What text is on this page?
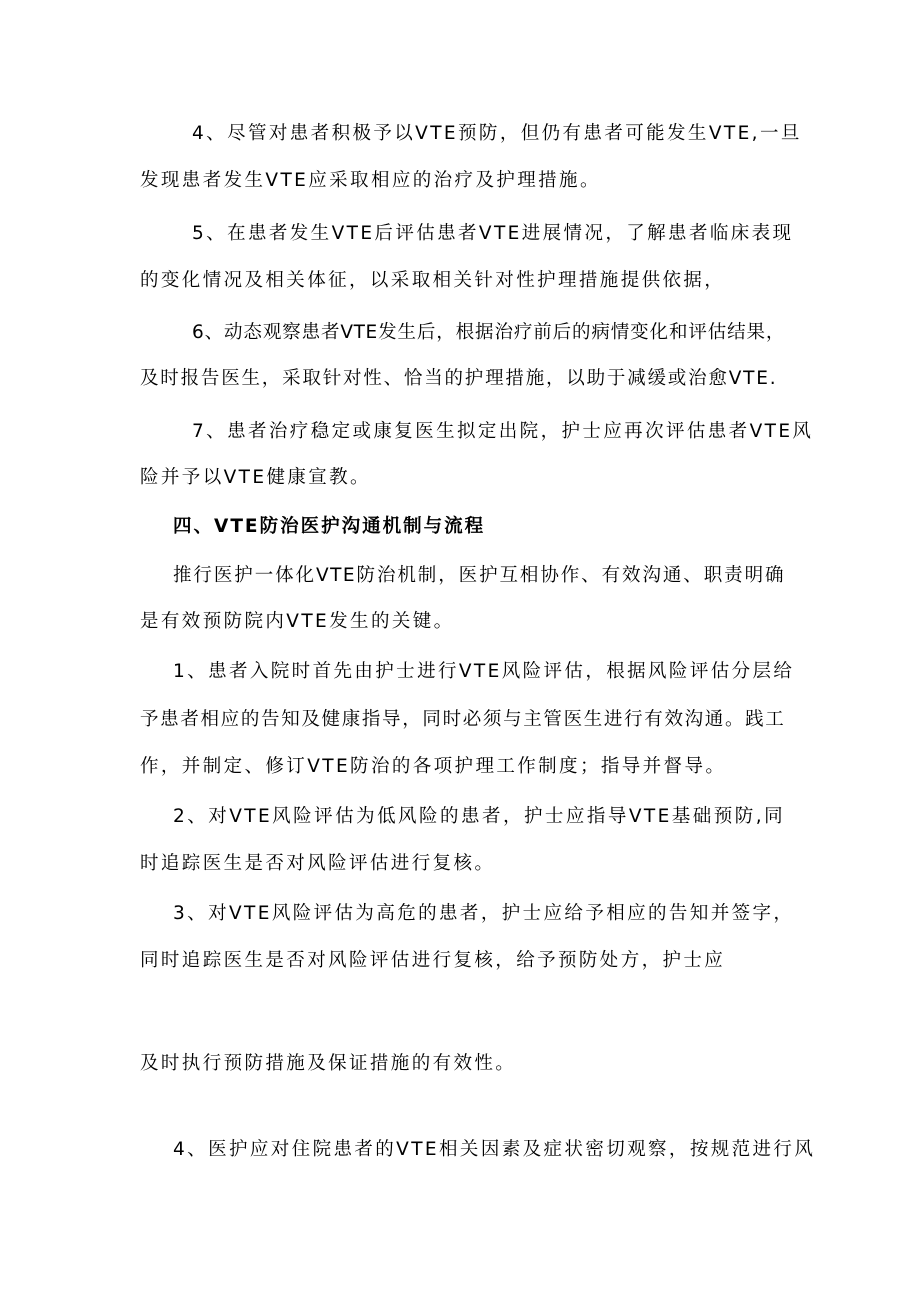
4、尽管对患者积极予以VTE预防，但仍有患者可能发生VTE,一旦
发现患者发生VTE应采取相应的治疗及护理措施。
5、在患者发生VTE后评估患者VTE进展情况，了解患者临床表现
的变化情况及相关体征，以采取相关针对性护理措施提供依据，
6、动态观察患者VTE发生后，根据治疗前后的病情变化和评估结果，
及时报告医生，采取针对性、恰当的护理措施，以助于减缓或治愈VTE.
7、患者治疗稳定或康复医生拟定出院，护士应再次评估患者VTE风
险并予以VTE健康宣教。
四、VTE防治医护沟通机制与流程
推行医护一体化VTE防治机制，医护互相协作、有效沟通、职责明确
是有效预防院内VTE发生的关键。
1、患者入院时首先由护士进行VTE风险评估，根据风险评估分层给
予患者相应的告知及健康指导，同时必须与主管医生进行有效沟通。践工
作，并制定、修订VTE防治的各项护理工作制度；指导并督导。
2、对VTE风险评估为低风险的患者，护士应指导VTE基础预防,同
时追踪医生是否对风险评估进行复核。
3、对VTE风险评估为高危的患者，护士应给予相应的告知并签字，
同时追踪医生是否对风险评估进行复核，给予预防处方，护士应
及时执行预防措施及保证措施的有效性。
4、医护应对住院患者的VTE相关因素及症状密切观察，按规范进行风
